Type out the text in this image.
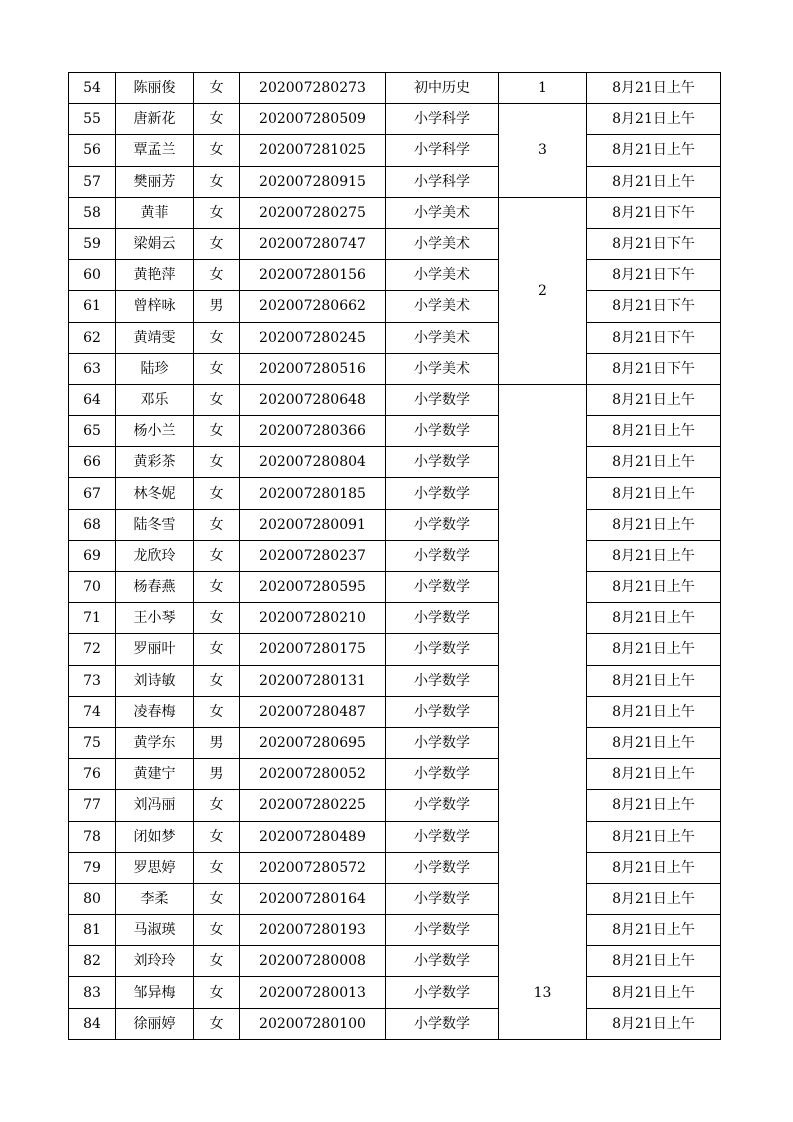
54	陈丽俊	女	202007280273	初中历史	1	8月21日上午
55	唐新花	女	202007280509	小学科学	3	8月21日上午
56	覃孟兰	女	202007281025	小学科学		8月21日上午
57	樊丽芳	女	202007280915	小学科学		8月21日上午
58	黄菲	女	202007280275	小学美术	2	8月21日下午
59	梁娟云	女	202007280747	小学美术		8月21日下午
60	黄艳萍	女	202007280156	小学美术		8月21日下午
61	曾梓咏	男	202007280662	小学美术		8月21日下午
62	黄靖雯	女	202007280245	小学美术		8月21日下午
63	陆珍	女	202007280516	小学美术		8月21日下午
64	邓乐	女	202007280648	小学数学		8月21日上午
65	杨小兰	女	202007280366	小学数学		8月21日上午
66	黄彩茶	女	202007280804	小学数学		8月21日上午
67	林冬妮	女	202007280185	小学数学		8月21日上午
68	陆冬雪	女	202007280091	小学数学		8月21日上午
69	龙欣玲	女	202007280237	小学数学		8月21日上午
70	杨春燕	女	202007280595	小学数学		8月21日上午
71	王小琴	女	202007280210	小学数学		8月21日上午
72	罗丽叶	女	202007280175	小学数学		8月21日上午
73	刘诗敏	女	202007280131	小学数学		8月21日上午
74	凌春梅	女	202007280487	小学数学		8月21日上午
75	黄学东	男	202007280695	小学数学		8月21日上午
76	黄建宁	男	202007280052	小学数学		8月21日上午
77	刘冯丽	女	202007280225	小学数学		8月21日上午
78	闭如梦	女	202007280489	小学数学		8月21日上午
79	罗思婷	女	202007280572	小学数学		8月21日上午
80	李柔	女	202007280164	小学数学		8月21日上午
81	马淑瑛	女	202007280193	小学数学		8月21日上午
82	刘玲玲	女	202007280008	小学数学		8月21日上午
83	邹异梅	女	202007280013	小学数学	13	8月21日上午
84	徐丽婷	女	202007280100	小学数学		8月21日上午
